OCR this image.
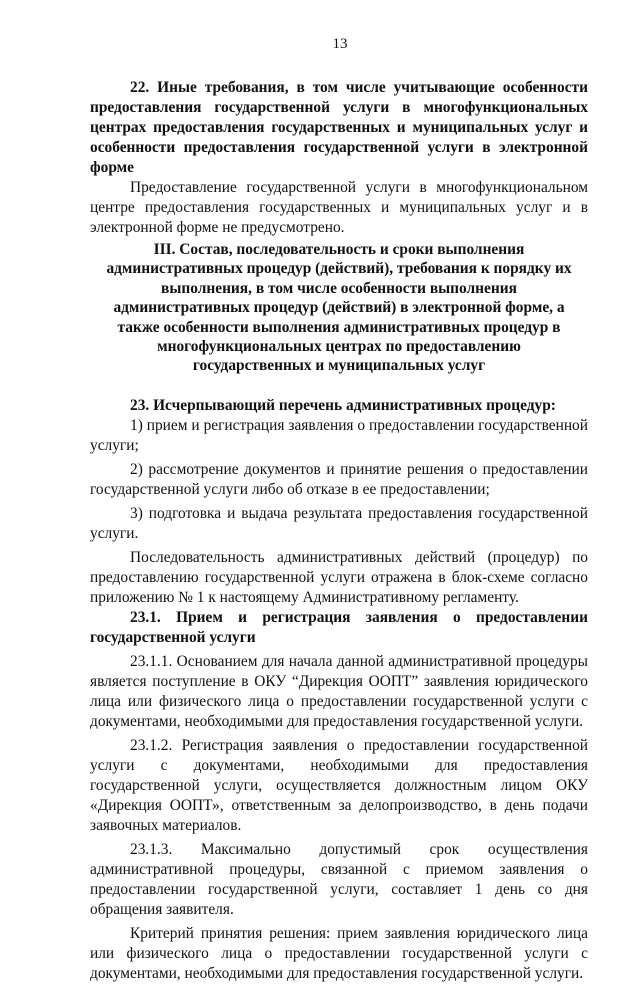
13

22. Иные требования, в том числе учитывающие особенности предоставления государственной услуги в многофункциональных центрах предоставления государственных и муниципальных услуг и особенности предоставления государственной услуги в электронной форме

Предоставление государственной услуги в многофункциональном центре предоставления государственных и муниципальных услуг и в электронной форме не предусмотрено.

III. Состав, последовательность и сроки выполнения административных процедур (действий), требования к порядку их выполнения, в том числе особенности выполнения административных процедур (действий) в электронной форме, а также особенности выполнения административных процедур в многофункциональных центрах по предоставлению государственных и муниципальных услуг

23. Исчерпывающий перечень административных процедур:

1) прием и регистрация заявления о предоставлении государственной услуги;

2) рассмотрение документов и принятие решения о предоставлении государственной услуги либо об отказе в ее предоставлении;

3) подготовка и выдача результата предоставления государственной услуги.

Последовательность административных действий (процедур) по предоставлению государственной услуги отражена в блок-схеме согласно приложению № 1 к настоящему Административному регламенту.

23.1. Прием и регистрация заявления о предоставлении государственной услуги

23.1.1. Основанием для начала данной административной процедуры является поступление в ОКУ “Дирекция ООПТ” заявления юридического лица или физического лица о предоставлении государственной услуги с документами, необходимыми для предоставления государственной услуги.

23.1.2. Регистрация заявления о предоставлении государственной услуги с документами, необходимыми для предоставления государственной услуги, осуществляется должностным лицом ОКУ «Дирекция ООПТ», ответственным за делопроизводство, в день подачи заявочных материалов.

23.1.3. Максимально допустимый срок осуществления административной процедуры, связанной с приемом заявления о предоставлении государственной услуги, составляет 1 день со дня обращения заявителя.

Критерий принятия решения: прием заявления юридического лица или физического лица о предоставлении государственной услуги с документами, необходимыми для предоставления государственной услуги.
